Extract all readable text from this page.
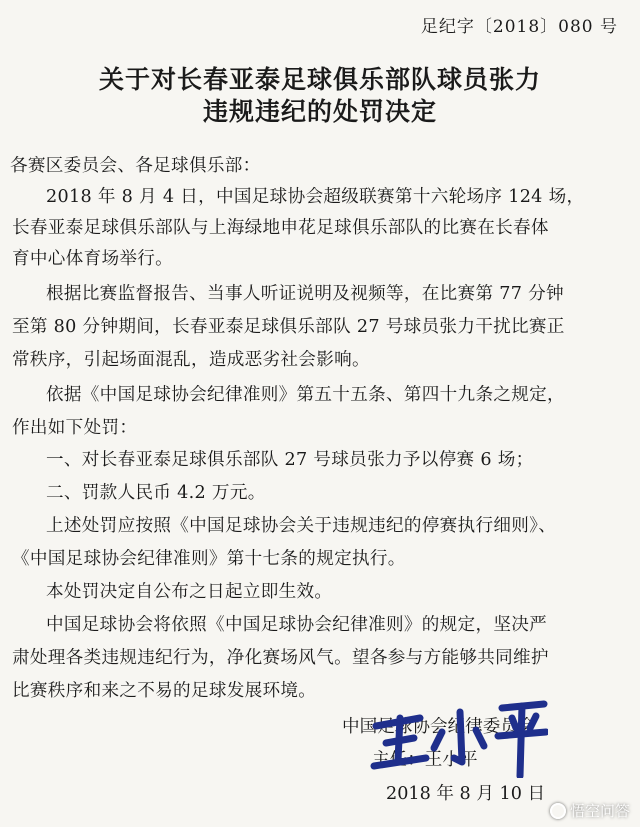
足纪字〔2018〕080 号
关于对长春亚泰足球俱乐部队球员张力
违规违纪的处罚决定
各赛区委员会、各足球俱乐部：
2018 年 8 月 4 日，中国足球协会超级联赛第十六轮场序 124 场，
长春亚泰足球俱乐部队与上海绿地申花足球俱乐部队的比赛在长春体
育中心体育场举行。
根据比赛监督报告、当事人听证说明及视频等，在比赛第 77 分钟
至第 80 分钟期间，长春亚泰足球俱乐部队 27 号球员张力干扰比赛正
常秩序，引起场面混乱，造成恶劣社会影响。
依据《中国足球协会纪律准则》第五十五条、第四十九条之规定，
作出如下处罚：
一、对长春亚泰足球俱乐部队 27 号球员张力予以停赛 6 场；
二、罚款人民币 4.2 万元。
上述处罚应按照《中国足球协会关于违规违纪的停赛执行细则》、
《中国足球协会纪律准则》第十七条的规定执行。
本处罚决定自公布之日起立即生效。
中国足球协会将依照《中国足球协会纪律准则》的规定，坚决严
肃处理各类违规违纪行为，净化赛场风气。望各参与方能够共同维护
比赛秩序和来之不易的足球发展环境。
中国足球协会纪律委员会
主任：王小平
2018 年 8 月 10 日
悟空问答
